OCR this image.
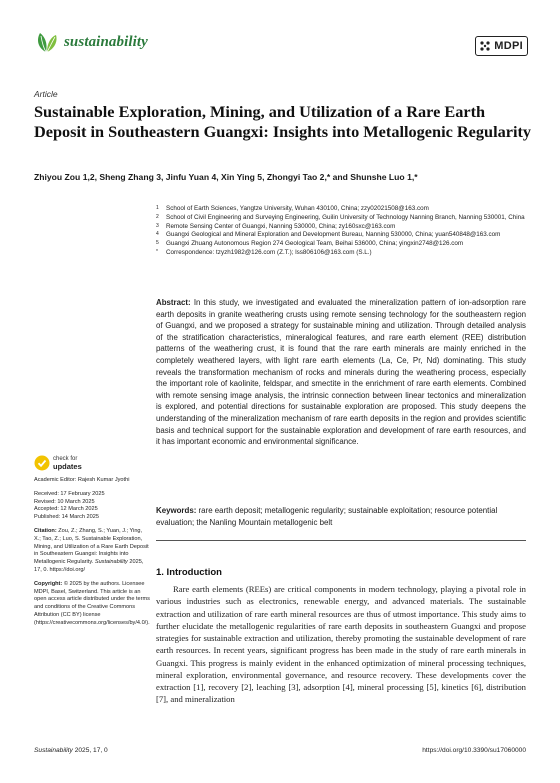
sustainability	MDPI
Article
Sustainable Exploration, Mining, and Utilization of a Rare Earth Deposit in Southeastern Guangxi: Insights into Metallogenic Regularity
Zhiyou Zou 1,2, Sheng Zhang 3, Jinfu Yuan 4, Xin Ying 5, Zhongyi Tao 2,* and Shunshe Luo 1,*
1 School of Earth Sciences, Yangtze University, Wuhan 430100, China; zzy02021508@163.com
2 School of Civil Engineering and Surveying Engineering, Guilin University of Technology Nanning Branch, Nanning 530001, China
3 Remote Sensing Center of Guangxi, Nanning 530000, China; zy160sxc@163.com
4 Guangxi Geological and Mineral Exploration and Development Bureau, Nanning 530000, China; yuan540848@163.com
5 Guangxi Zhuang Autonomous Region 274 Geological Team, Beihai 536000, China; yingxin2748@126.com
* Correspondence: tzyzh1982@126.com (Z.T.); lss806106@163.com (S.L.)
check for
updates
Academic Editor: Rajesh Kumar Jyothi

Received: 17 February 2025

Revised: 10 March 2025

Accepted: 12 March 2025

Published: 14 March 2025

Citation: Zou, Z.; Zhang, S.; Yuan, J.; Ying, X.; Tao, Z.; Luo, S. Sustainable Exploration, Mining, and Utilization of a Rare Earth Deposit in Southeastern Guangxi: Insights into Metallogenic Regularity. Sustainability 2025, 17, 0. https://doi.org/
Copyright: © 2025 by the authors. Licensee MDPI, Basel, Switzerland. This article is an open access article distributed under the terms and conditions of the Creative Commons Attribution (CC BY) license (https://creativecommons.org/licenses/by/4.0/).
Abstract: In this study, we investigated and evaluated the mineralization pattern of ion-adsorption rare earth deposits in granite weathering crusts using remote sensing technology for the southeastern region of Guangxi, and we proposed a strategy for sustainable mining and utilization. Through detailed analysis of the stratification characteristics, mineralogical features, and rare earth element (REE) distribution patterns of the weathering crust, it is found that the rare earth minerals are mainly enriched in the completely weathered layers, with light rare earth elements (La, Ce, Pr, Nd) dominating. This study reveals the transformation mechanism of rocks and minerals during the weathering process, especially the important role of kaolinite, feldspar, and smectite in the enrichment of rare earth elements. Combined with remote sensing image analysis, the intrinsic connection between linear tectonics and mineralization is explored, and potential directions for sustainable exploration are proposed. This study deepens the understanding of the mineralization mechanism of rare earth deposits in the region and provides scientific basis and technical support for the sustainable exploration and development of rare earth resources, and it has important economic and environmental significance.
Keywords: rare earth deposit; metallogenic regularity; sustainable exploitation; resource potential evaluation; the Nanling Mountain metallogenic belt
1. Introduction
Rare earth elements (REEs) are critical components in modern technology, playing a pivotal role in various industries such as electronics, renewable energy, and advanced materials. The sustainable extraction and utilization of rare earth mineral resources are thus of utmost importance. This study aims to further elucidate the metallogenic regularities of rare earth deposits in southeastern Guangxi and propose strategies for sustainable extraction and utilization, thereby promoting the sustainable development of rare earth resources. In recent years, significant progress has been made in the study of rare earth minerals in Guangxi. This progress is mainly evident in the enhanced optimization of mineral processing techniques, mineral exploration, environmental governance, and resource recovery. These developments cover the extraction [1], recovery [2], leaching [3], adsorption [4], mineral processing [5], kinetics [6], distribution [7], and mineralization
Sustainability 2025, 17, 0	https://doi.org/10.3390/su17060000
